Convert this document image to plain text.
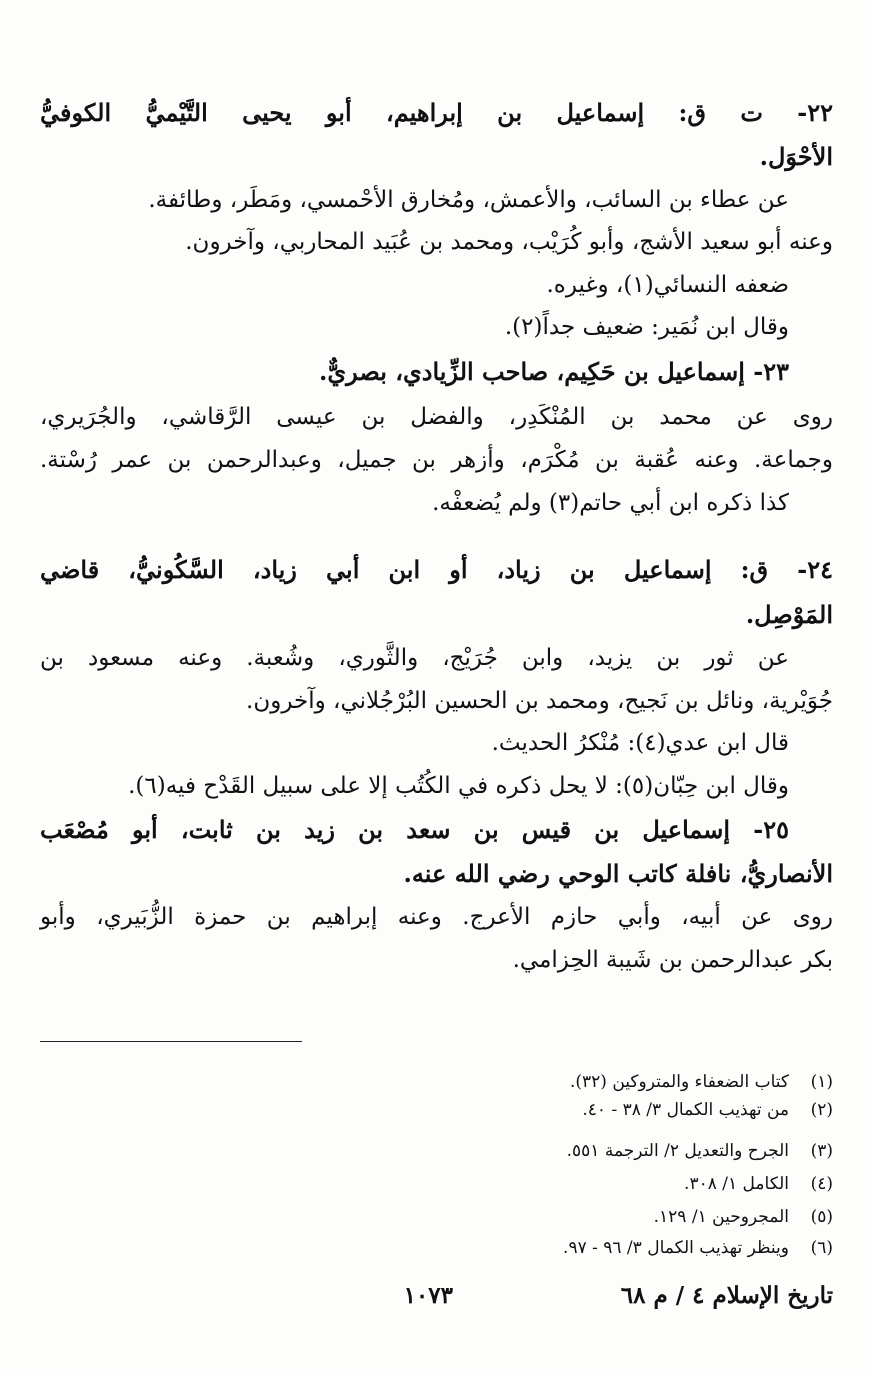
٢٢- ت ق: إسماعيل بن إبراهيم، أبو يحيى التَّيْميُّ الكوفيُّ
الأحْوَل.
عن عطاء بن السائب، والأعمش، ومُخارق الأحْمسي، ومَطَر، وطائفة.
وعنه أبو سعيد الأشج، وأبو كُرَيْب، ومحمد بن عُبَيد المحاربي، وآخرون.
ضعفه النسائي(١)، وغيره.
وقال ابن نُمَير: ضعيف جداً(٢).
٢٣- إسماعيل بن حَكِيم، صاحب الزِّيادي، بصريٌّ.
روى عن محمد بن المُنْكَدِر، والفضل بن عيسى الرَّقاشي، والجُرَيري،
وجماعة. وعنه عُقبة بن مُكْرَم، وأزهر بن جميل، وعبدالرحمن بن عمر رُسْتة.
كذا ذكره ابن أبي حاتم(٣) ولم يُضعفْه.
٢٤- ق: إسماعيل بن زياد، أو ابن أبي زياد، السَّكُونيُّ، قاضي
المَوْصِل.
عن ثور بن يزيد، وابن جُرَيْج، والثَّوري، وشُعبة. وعنه مسعود بن
جُوَيْرية، ونائل بن نَجيح، ومحمد بن الحسين البُرْجُلاني، وآخرون.
قال ابن عدي(٤): مُنْكرُ الحديث.
وقال ابن حِبّان(٥): لا يحل ذكره في الكُتُب إلا على سبيل القَدْح فيه(٦).
٢٥- إسماعيل بن قيس بن سعد بن زيد بن ثابت، أبو مُصْعَب
الأنصاريُّ، نافلة كاتب الوحي رضي الله عنه.
روى عن أبيه، وأبي حازم الأعرج. وعنه إبراهيم بن حمزة الزُّبَيري، وأبو
بكر عبدالرحمن بن شَيبة الحِزامي.
(١)كتاب الضعفاء والمتروكين (٣٢).
(٢)من تهذيب الكمال ٣/ ٣٨ - ٤٠.
(٣)الجرح والتعديل ٢/ الترجمة ٥٥١.
(٤)الكامل ١/ ٣٠٨.
(٥)المجروحين ١/ ١٢٩.
(٦)وينظر تهذيب الكمال ٣/ ٩٦ - ٩٧.
تاريخ الإسلام ٤ / م ٦٨
١٠٧٣
